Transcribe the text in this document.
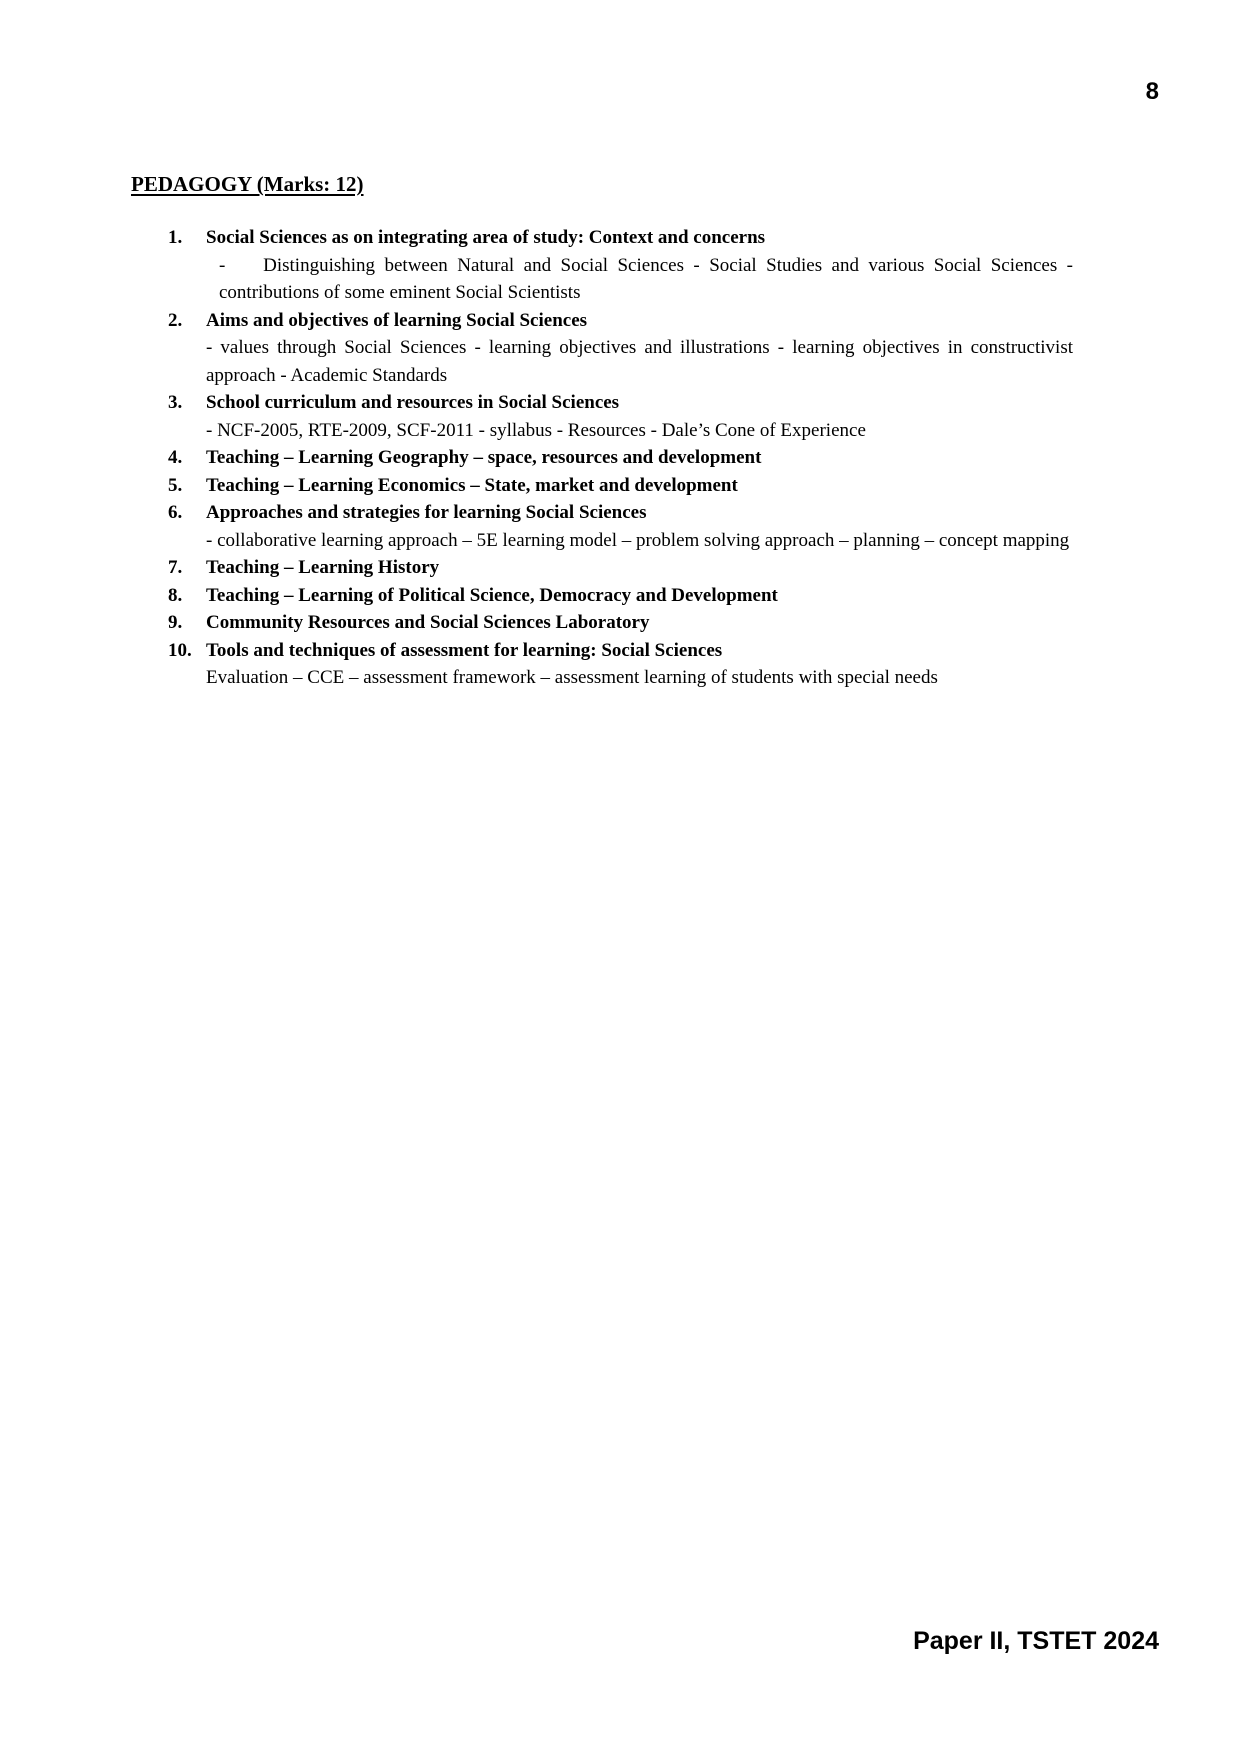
8
PEDAGOGY (Marks: 12)
1. Social Sciences as on integrating area of study: Context and concerns
-    Distinguishing between Natural and Social Sciences - Social Studies and various Social Sciences - contributions of some eminent Social Scientists
2. Aims and objectives of learning Social Sciences
- values through Social Sciences - learning objectives and illustrations - learning objectives in constructivist approach - Academic Standards
3. School curriculum and resources in Social Sciences
- NCF-2005, RTE-2009, SCF-2011 - syllabus - Resources - Dale’s Cone of Experience
4. Teaching – Learning Geography – space, resources and development
5. Teaching – Learning Economics – State, market and development
6. Approaches and strategies for learning Social Sciences
- collaborative learning approach – 5E learning model – problem solving approach – planning – concept mapping
7. Teaching – Learning History
8. Teaching – Learning of Political Science, Democracy and Development
9. Community Resources and Social Sciences Laboratory
10. Tools and techniques of assessment for learning: Social Sciences
Evaluation – CCE – assessment framework – assessment learning of students with special needs
Paper II, TSTET 2024
